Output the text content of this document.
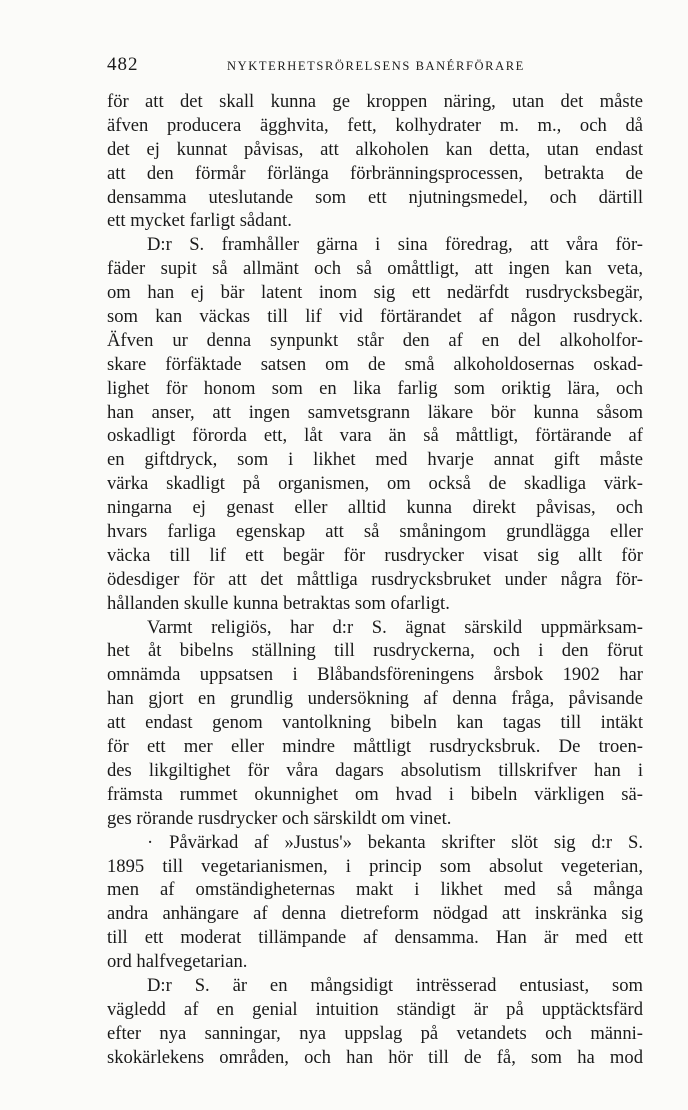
482	NYKTERHETSRÖRELSENS BANÉRFÖRARE
för att det skall kunna ge kroppen näring, utan det måste
äfven producera ägghvita, fett, kolhydrater m. m., och då
det ej kunnat påvisas, att alkoholen kan detta, utan endast
att den förmår förlänga förbränningsprocessen, betrakta de
densamma uteslutande som ett njutningsmedel, och därtill
ett mycket farligt sådant.
D:r S. framhåller gärna i sina föredrag, att våra för-
fäder supit så allmänt och så omåttligt, att ingen kan veta,
om han ej bär latent inom sig ett nedärfdt rusdrycksbegär,
som kan väckas till lif vid förtärandet af någon rusdryck.
Äfven ur denna synpunkt står den af en del alkoholfor-
skare förfäktade satsen om de små alkoholdosernas oskad-
lighet för honom som en lika farlig som oriktig lära, och
han anser, att ingen samvetsgrann läkare bör kunna såsom
oskadligt förorda ett, låt vara än så måttligt, förtärande af
en giftdryck, som i likhet med hvarje annat gift måste
värka skadligt på organismen, om också de skadliga värk-
ningarna ej genast eller alltid kunna direkt påvisas, och
hvars farliga egenskap att så småningom grundlägga eller
väcka till lif ett begär för rusdrycker visat sig allt för
ödesdiger för att det måttliga rusdrycksbruket under några för-
hållanden skulle kunna betraktas som ofarligt.
Varmt religiös, har d:r S. ägnat särskild uppmärksam-
het åt bibelns ställning till rusdryckerna, och i den förut
omnämda uppsatsen i Blåbandsföreningens årsbok 1902 har
han gjort en grundlig undersökning af denna fråga, påvisande
att endast genom vantolkning bibeln kan tagas till intäkt
för ett mer eller mindre måttligt rusdrycksbruk. De troen-
des likgiltighet för våra dagars absolutism tillskrifver han i
främsta rummet okunnighet om hvad i bibeln värkligen sä-
ges rörande rusdrycker och särskildt om vinet.
· Påvärkad af »Justus'» bekanta skrifter slöt sig d:r S.
1895 till vegetarianismen, i princip som absolut vegeterian,
men af omständigheternas makt i likhet med så många
andra anhängare af denna dietreform nödgad att inskränka sig
till ett moderat tillämpande af densamma. Han är med ett
ord halfvegetarian.
D:r S. är en mångsidigt intrësserad entusiast, som
vägledd af en genial intuition ständigt är på upptäcktsfärd
efter nya sanningar, nya uppslag på vetandets och männi-
skokärlekens områden, och han hör till de få, som ha mod
